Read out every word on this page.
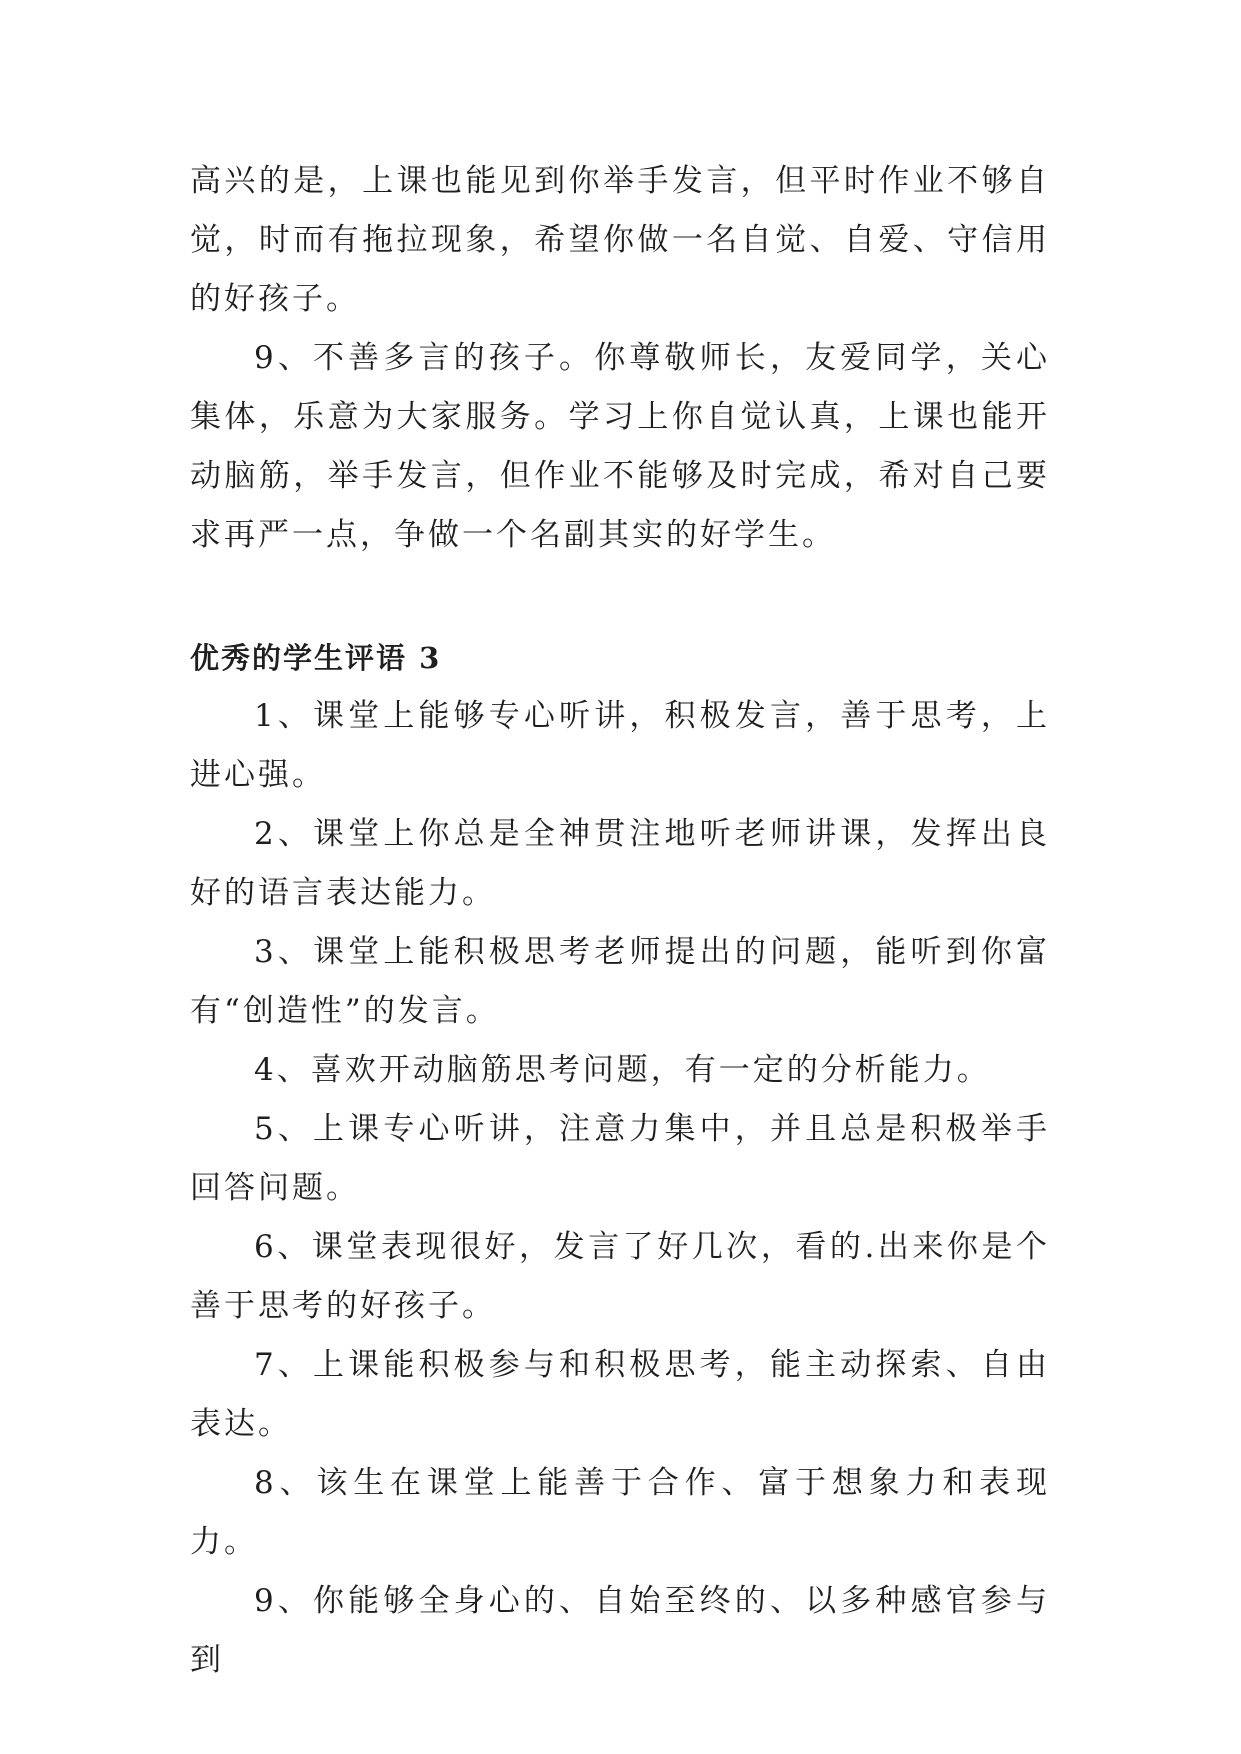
高兴的是，上课也能见到你举手发言，但平时作业不够自觉，时而有拖拉现象，希望你做一名自觉、自爱、守信用的好孩子。

9、不善多言的孩子。你尊敬师长，友爱同学，关心集体，乐意为大家服务。学习上你自觉认真，上课也能开动脑筋，举手发言，但作业不能够及时完成，希对自己要求再严一点，争做一个名副其实的好学生。

优秀的学生评语 3

1、课堂上能够专心听讲，积极发言，善于思考，上进心强。

2、课堂上你总是全神贯注地听老师讲课，发挥出良好的语言表达能力。

3、课堂上能积极思考老师提出的问题，能听到你富有“创造性”的发言。

4、喜欢开动脑筋思考问题，有一定的分析能力。

5、上课专心听讲，注意力集中，并且总是积极举手回答问题。

6、课堂表现很好，发言了好几次，看的.出来你是个善于思考的好孩子。

7、上课能积极参与和积极思考，能主动探索、自由表达。

8、该生在课堂上能善于合作、富于想象力和表现力。

9、你能够全身心的、自始至终的、以多种感官参与到
